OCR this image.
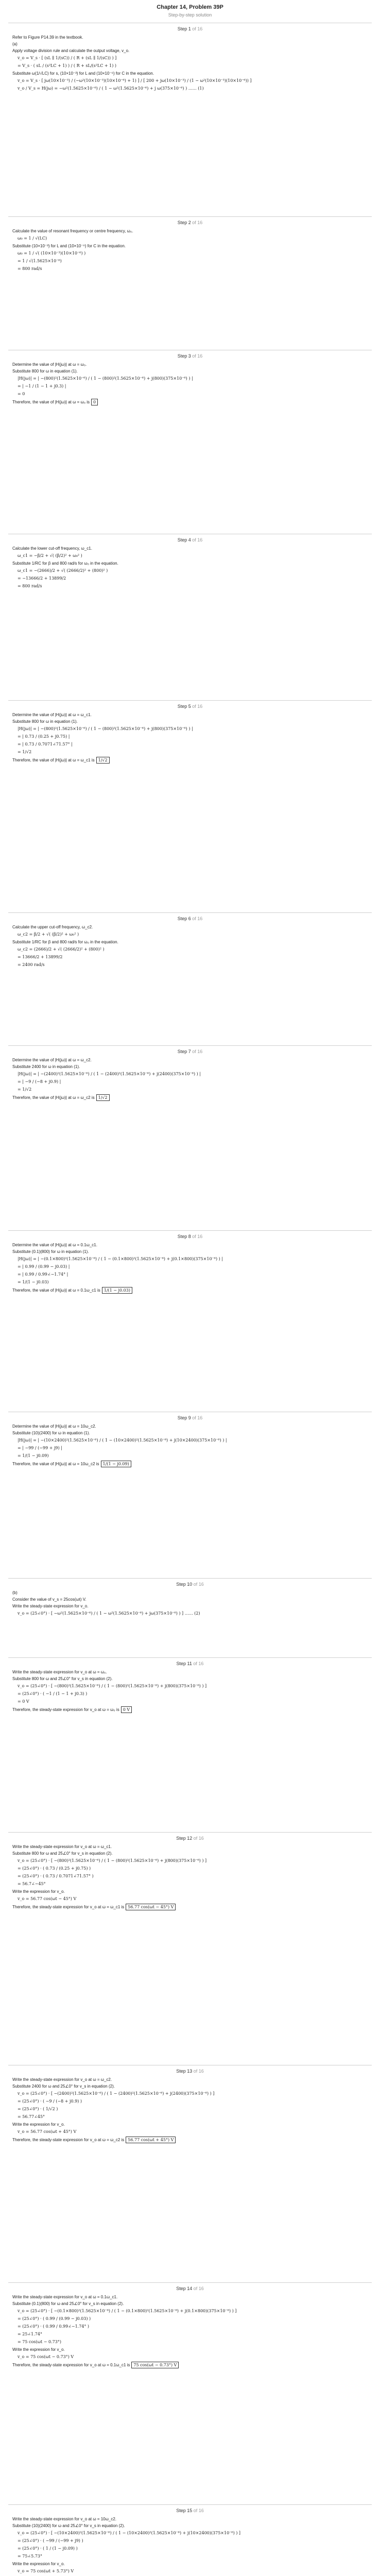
Chapter 14, Problem 39P
Step-by-step solution
Step 1 of 16
Refer to Figure P14.39 in the textbook.
(a)
Apply voltage division rule and calculate the output voltage, v_o.
v_o = V_s · [ (sL ∥ 1/(sC)) / ( R + (sL ∥ 1/(sC)) ) ]
= V_s · ( sL / (s²LC + 1) ) / ( R + sL/(s²LC + 1) )
Substitute ω(1/√LC) for s, (10×10⁻³) for L and (10×10⁻⁶) for C in the equation.
v_o = V_s · [ jω(10×10⁻³) / (−ω²(10×10⁻³)(10×10⁻⁶) + 1) ] / [ 200 + jω(10×10⁻³) / (1 − ω²(10×10⁻³)(10×10⁻⁶)) ]
v_o / V_s = H(jω) = −ω²(1.5625×10⁻⁶) / ( 1 − ω²(1.5625×10⁻⁶) + j ω(375×10⁻⁶) ) …… (1)
Step 2 of 16
Calculate the value of resonant frequency or centre frequency, ω₀.
ω₀ = 1 / √(LC)
Substitute (10×10⁻³) for L and (10×10⁻⁶) for C in the equation.
ω₀ = 1 / √( (10×10⁻³)(10×10⁻⁶) )
= 1 / √(1.5625×10⁻⁶)
= 800 rad/s
Step 3 of 16
Determine the value of |H(jω)| at ω = ω₀.
Substitute 800 for ω in equation (1).
|H(jω)| = | −(800)²(1.5625×10⁻⁶) / ( 1 − (800)²(1.5625×10⁻⁶) + j(800)(375×10⁻⁶) ) |
= | −1 / (1 − 1 + j0.3) |
= 0
Therefore, the value of |H(jω)| at ω = ω₀ is 0
Step 4 of 16
Calculate the lower cut-off frequency, ω_c1.
ω_c1 = −β/2 + √( (β/2)² + ω₀² )
Substitute 1/RC for β and 800 rad/s for ω₀ in the equation.
ω_c1 = −(2666)/2 + √( (2666/2)² + (800)² )
= −13666/2 + 13899/2
= 800 rad/s
Step 5 of 16
Determine the value of |H(jω)| at ω = ω_c1.
Substitute 800 for ω in equation (1).
|H(jω)| = | −(800)²(1.5625×10⁻⁶) / ( 1 − (800)²(1.5625×10⁻⁶) + j(800)(375×10⁻⁶) ) |
= | 0.73 / (0.25 + j0.75) |
= | 0.73 / 0.7071∠71.57° |
= 1/√2
Therefore, the value of |H(jω)| at ω = ω_c1 is 1/√2
Step 6 of 16
Calculate the upper cut-off frequency, ω_c2.
ω_c2 = β/2 + √( (β/2)² + ω₀² )
Substitute 1/RC for β and 800 rad/s for ω₀ in the equation.
ω_c2 = (2666)/2 + √( (2666/2)² + (800)² )
= 13666/2 + 13899/2
= 2400 rad/s
Step 7 of 16
Determine the value of |H(jω)| at ω = ω_c2.
Substitute 2400 for ω in equation (1).
|H(jω)| = | −(2400)²(1.5625×10⁻⁶) / ( 1 − (2400)²(1.5625×10⁻⁶) + j(2400)(375×10⁻⁶) ) |
= | −9 / (−8 + j0.9) |
= 1/√2
Therefore, the value of |H(jω)| at ω = ω_c2 is 1/√2
Step 8 of 16
Determine the value of |H(jω)| at ω = 0.1ω_c1.
Substitute (0.1)(800) for ω in equation (1).
|H(jω)| = | −(0.1×800)²(1.5625×10⁻⁶) / ( 1 − (0.1×800)²(1.5625×10⁻⁶) + j(0.1×800)(375×10⁻⁶) ) |
= | 0.99 / (0.99 − j0.03) |
= | 0.99 / 0.99∠−1.74° |
= 1/(1 − j0.03)
Therefore, the value of |H(jω)| at ω = 0.1ω_c1 is 1/(1 − j0.03)
Step 9 of 16
Determine the value of |H(jω)| at ω = 10ω_c2.
Substitute (10)(2400) for ω in equation (1).
|H(jω)| = | −(10×2400)²(1.5625×10⁻⁶) / ( 1 − (10×2400)²(1.5625×10⁻⁶) + j(10×2400)(375×10⁻⁶) ) |
= | −99 / (−99 + j9) |
= 1/(1 − j0.09)
Therefore, the value of |H(jω)| at ω = 10ω_c2 is 1/(1 − j0.09)
Step 10 of 16
(b)
Consider the value of v_s = 25cos(ωt) V.
Write the steady-state expression for v_o.
v_o = (25∠0°) · [ −ω²(1.5625×10⁻⁶) / ( 1 − ω²(1.5625×10⁻⁶) + jω(375×10⁻⁶) ) ] …… (2)
Step 11 of 16
Write the steady-state expression for v_o at ω = ω₀.
Substitute 800 for ω and 25∠0° for v_s in equation (2).
v_o = (25∠0°) · [ −(800)²(1.5625×10⁻⁶) / ( 1 − (800)²(1.5625×10⁻⁶) + j(800)(375×10⁻⁶) ) ]
= (25∠0°) · ( −1 / (1 − 1 + j0.3) )
= 0 V
Therefore, the steady-state expression for v_o at ω = ω₀ is 0 V
Step 12 of 16
Write the steady-state expression for v_o at ω = ω_c1.
Substitute 800 for ω and 25∠0° for v_s in equation (2).
v_o = (25∠0°) · [ −(800)²(1.5625×10⁻⁶) / ( 1 − (800)²(1.5625×10⁻⁶) + j(800)(375×10⁻⁶) ) ]
= (25∠0°) · ( 0.73 / (0.25 + j0.75) )
= (25∠0°) · ( 0.73 / 0.7071∠71.57° )
= 56.7∠−45°
Write the expression for v_o.
v_o = 56.77 cos(ωt − 45°) V
Therefore, the steady-state expression for v_o at ω = ω_c1 is 56.77 cos(ωt − 45°) V
Step 13 of 16
Write the steady-state expression for v_o at ω = ω_c2.
Substitute 2400 for ω and 25∠0° for v_s in equation (2).
v_o = (25∠0°) · [ −(2400)²(1.5625×10⁻⁶) / ( 1 − (2400)²(1.5625×10⁻⁶) + j(2400)(375×10⁻⁶) ) ]
= (25∠0°) · ( −9 / (−8 + j0.9) )
= (25∠0°) · ( 1/√2 )
= 56.77∠45°
Write the expression for v_o.
v_o = 56.77 cos(ωt + 45°) V
Therefore, the steady-state expression for v_o at ω = ω_c2 is 56.77 cos(ωt + 45°) V
Step 14 of 16
Write the steady-state expression for v_o at ω = 0.1ω_c1.
Substitute (0.1)(800) for ω and 25∠0° for v_s in equation (2).
v_o = (25∠0°) · [ −(0.1×800)²(1.5625×10⁻⁶) / ( 1 − (0.1×800)²(1.5625×10⁻⁶) + j(0.1×800)(375×10⁻⁶) ) ]
= (25∠0°) · ( 0.99 / (0.99 − j0.03) )
= (25∠0°) · ( 0.99 / 0.99∠−1.74° )
= 25∠1.74°
= 75 cos(ωt − 0.73°)
Write the expression for v_o.
v_o = 75 cos(ωt − 0.73°) V
Therefore, the steady-state expression for v_o at ω = 0.1ω_c1 is 75 cos(ωt − 0.73°) V
Step 15 of 16
Write the steady-state expression for v_o at ω = 10ω_c2.
Substitute (10)(2400) for ω and 25∠0° for v_s in equation (2).
v_o = (25∠0°) · [ −(10×2400)²(1.5625×10⁻⁶) / ( 1 − (10×2400)²(1.5625×10⁻⁶) + j(10×2400)(375×10⁻⁶) ) ]
= (25∠0°) · ( −99 / (−99 + j9) )
= (25∠0°) · ( 1 / (1 − j0.09) )
= 75∠5.73°
Write the expression for v_o.
v_o = 75 cos(ωt + 5.73°) V
